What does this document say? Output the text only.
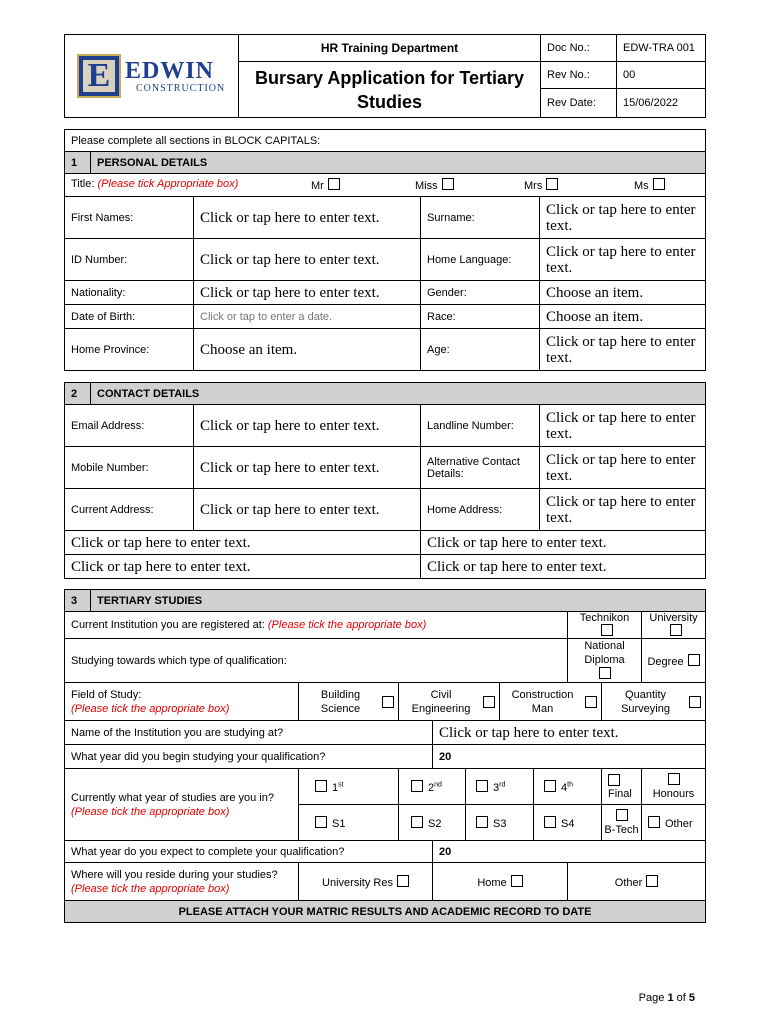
E EDWIN
CONSTRUCTION	HR Training Department	Doc No.:	EDW-TRA 001
	Bursary Application for Tertiary Studies	Rev No.:	00
		Rev Date:	15/06/2022
Please complete all sections in BLOCK CAPITALS:				
1	PERSONAL DETAILS			

Title: (Please tick Appropriate box) Mr Miss Mrs Ms				

First Names:		Click or tap here to enter text.	Surname:	Click or tap here to enter text.
ID Number:		Click or tap here to enter text.	Home Language:	Click or tap here to enter text.
Nationality:		Click or tap here to enter text.	Gender:	Choose an item.
Date of Birth:		Click or tap to enter a date.	Race:	Choose an item.
Home Province:		Choose an item.	Age:	Click or tap here to enter text.
2	CONTACT DETAILS			
Email Address:		Click or tap here to enter text.	Landline Number:	Click or tap here to enter text.
Mobile Number:		Click or tap here to enter text.	Alternative Contact Details:	Click or tap here to enter text.
Current Address:		Click or tap here to enter text.	Home Address:	Click or tap here to enter text.
Click or tap here to enter text.			Click or tap here to enter text.	
Click or tap here to enter text.			Click or tap here to enter text.	
3	TERTIARY STUDIES									
Current Institution you are registered at: (Please tick the appropriate box)								Technikon		University
Studying towards which type of qualification:								National Diploma		Degree
Field of Study:
(Please tick the appropriate box)		Building Science	Civil Engineering			Construction Man			Quantity Surveying	

Name of the Institution you are studying at?				Click or tap here to enter text.						
What year did you begin studying your qualification?				20						
Currently what year of studies are you in? (Please tick the appropriate box)		1st	2nd		3rd		4th		Final	Honours
		S1	S2		S3		S4		B-Tech	Other
What year do you expect to complete your qualification?				20						
Where will you reside during your studies? (Please tick the appropriate box)		University Res		Home				Other		
PLEASE ATTACH YOUR MATRIC RESULTS AND ACADEMIC RECORD TO DATE										
Page 1 of 5
